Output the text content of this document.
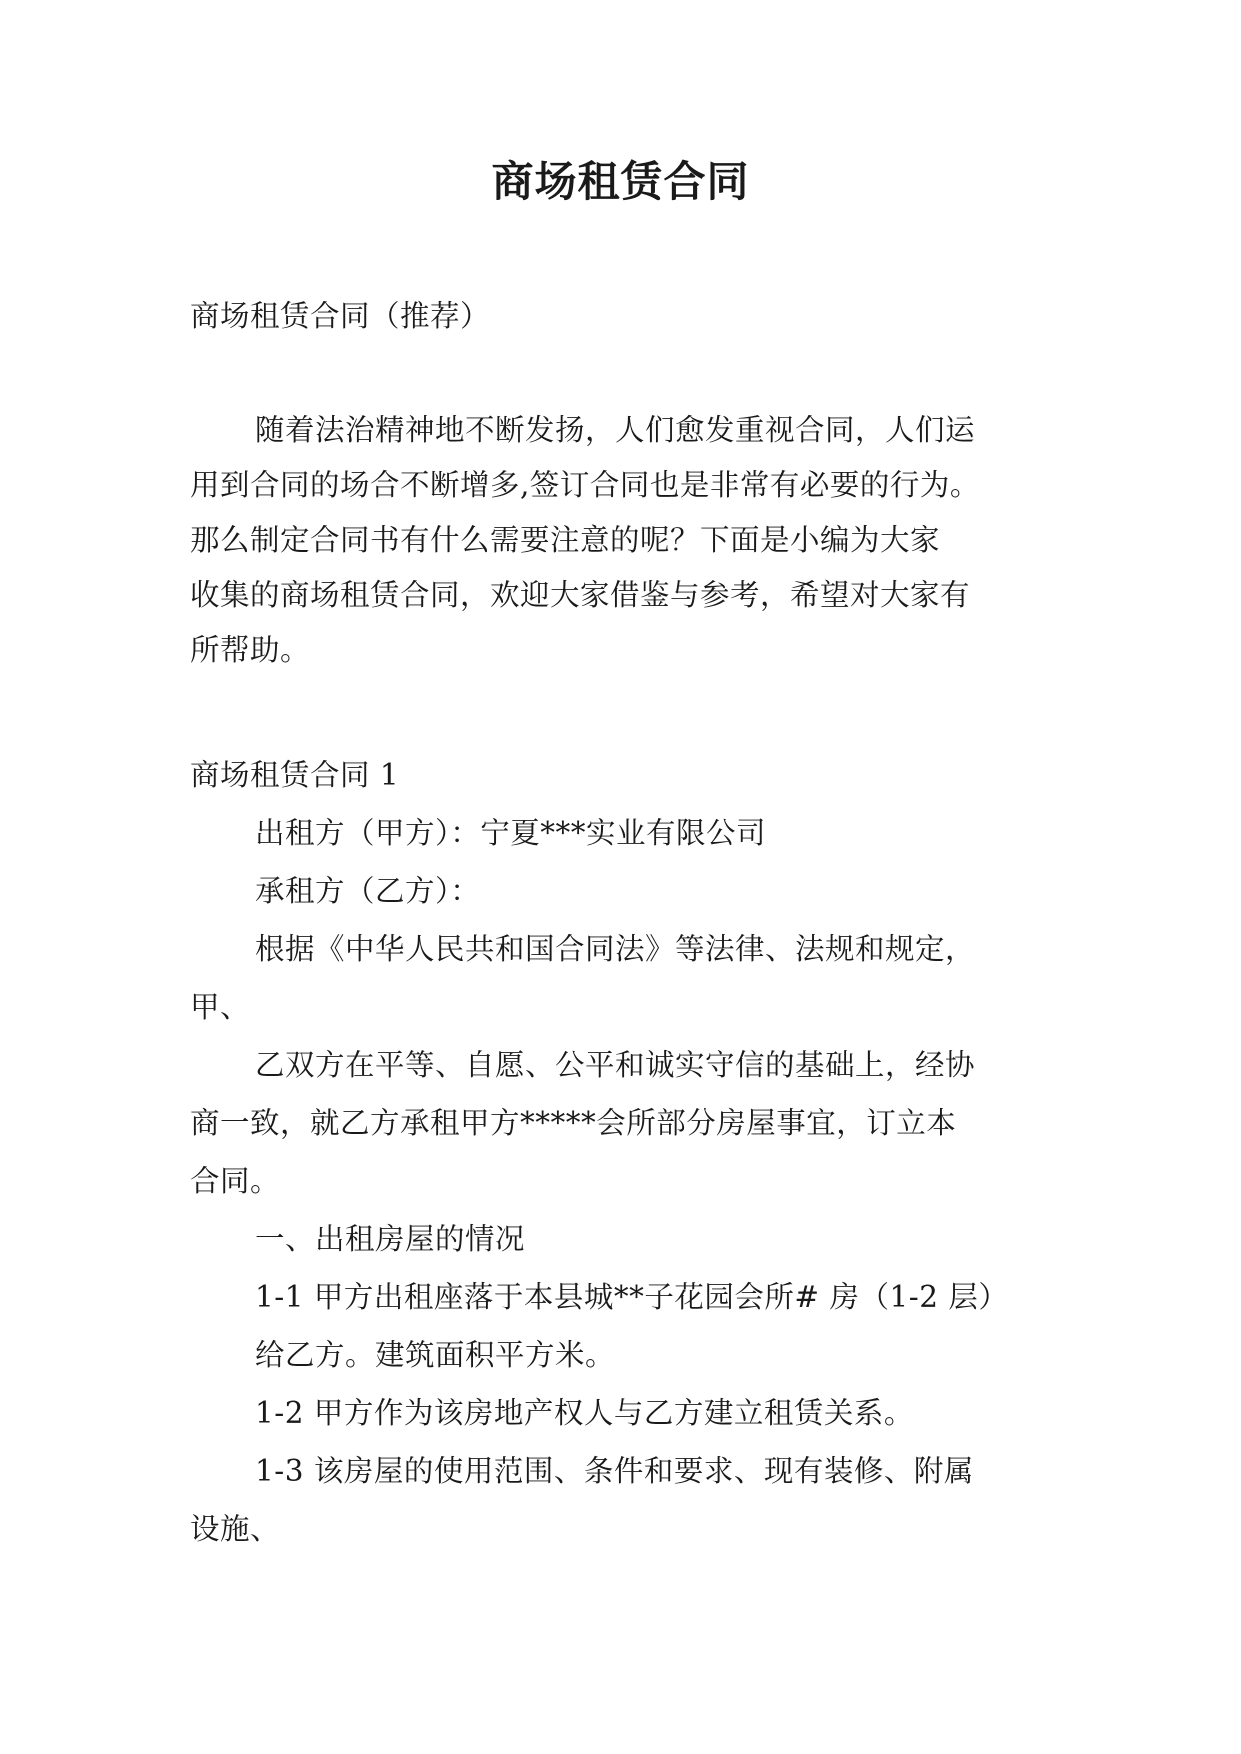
商场租赁合同
商场租赁合同（推荐）
随着法治精神地不断发扬，人们愈发重视合同，人们运
用到合同的场合不断增多,签订合同也是非常有必要的行为。
那么制定合同书有什么需要注意的呢？下面是小编为大家
收集的商场租赁合同，欢迎大家借鉴与参考，希望对大家有
所帮助。
商场租赁合同 1
出租方（甲方）：宁夏***实业有限公司
承租方（乙方）：
根据《中华人民共和国合同法》等法律、法规和规定，
甲、
乙双方在平等、自愿、公平和诚实守信的基础上，经协
商一致，就乙方承租甲方*****会所部分房屋事宜，订立本
合同。
一、出租房屋的情况
1-1 甲方出租座落于本县城**子花园会所# 房（1-2 层）
给乙方。建筑面积平方米。
1-2 甲方作为该房地产权人与乙方建立租赁关系。
1-3 该房屋的使用范围、条件和要求、现有装修、附属
设施、
